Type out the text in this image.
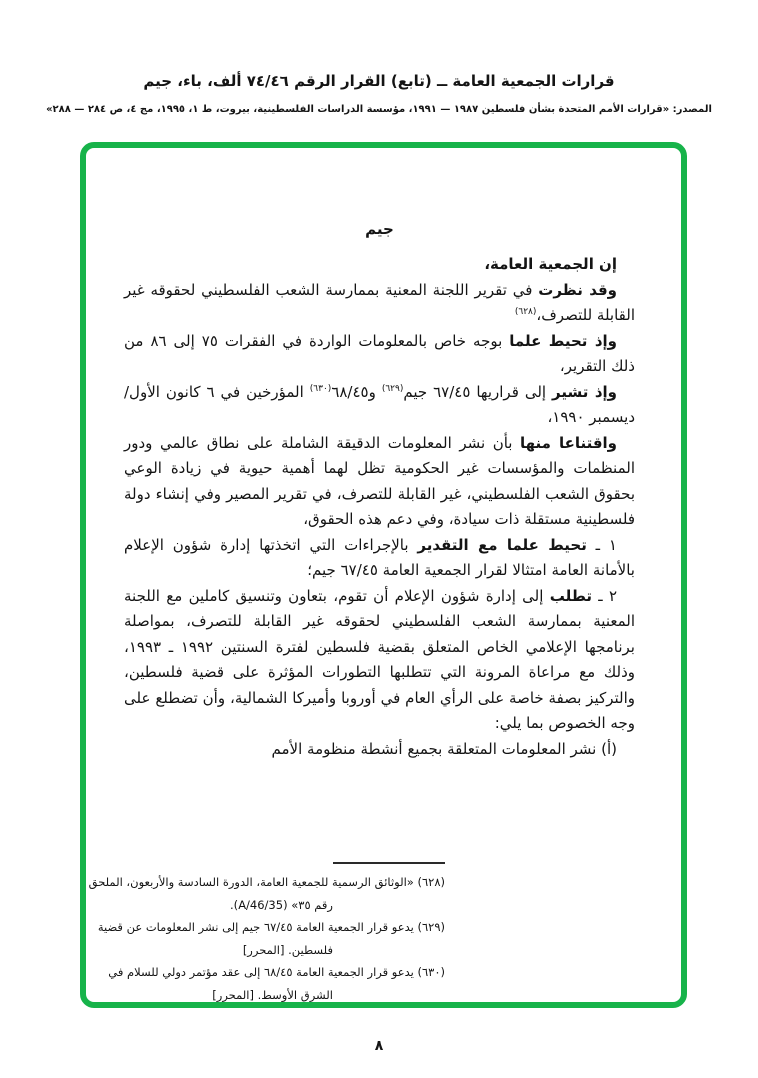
قرارات الجمعية العامة ــ (تابع) القرار الرقم ٧٤/٤٦ ألف، باء، جيم
المصدر: «قرارات الأمم المتحدة بشأن فلسطين ١٩٨٧ — ١٩٩١، مؤسسة الدراسات الفلسطينية، بيروت، ط ١، ١٩٩٥، مج ٤، ص ٢٨٤ — ٢٨٨»
جيم

إن الجمعية العامة،

وقد نظرت في تقرير اللجنة المعنية بممارسة الشعب الفلسطيني لحقوقه غير القابلة للتصرف،$^{(٦٢٨)}$

وإذ تحيط علما بوجه خاص بالمعلومات الواردة في الفقرات ٧٥ إلى ٨٦ من ذلك التقرير،

وإذ تشير إلى قراريها ٦٧/٤٥ جيم$^{(٦٢٩)}$ و٦٨/٤٥$^{(٦٣٠)}$ المؤرخين في ٦ كانون الأول/ديسمبر ١٩٩٠،

واقتناعا منها بأن نشر المعلومات الدقيقة الشاملة على نطاق عالمي ودور المنظمات والمؤسسات غير الحكومية تظل لهما أهمية حيوية في زيادة الوعي بحقوق الشعب الفلسطيني، غير القابلة للتصرف، في تقرير المصير وفي إنشاء دولة فلسطينية مستقلة ذات سيادة، وفي دعم هذه الحقوق،

١ ـ تحيط علما مع التقدير بالإجراءات التي اتخذتها إدارة شؤون الإعلام بالأمانة العامة امتثالا لقرار الجمعية العامة ٦٧/٤٥ جيم؛

٢ ـ تطلب إلى إدارة شؤون الإعلام أن تقوم، بتعاون وتنسيق كاملين مع اللجنة المعنية بممارسة الشعب الفلسطيني لحقوقه غير القابلة للتصرف، بمواصلة برنامجها الإعلامي الخاص المتعلق بقضية فلسطين لفترة السنتين ١٩٩٢ ـ ١٩٩٣، وذلك مع مراعاة المرونة التي تتطلبها التطورات المؤثرة على قضية فلسطين، والتركيز بصفة خاصة على الرأي العام في أوروبا وأميركا الشمالية، وأن تضطلع على وجه الخصوص بما يلي:

(أ) نشر المعلومات المتعلقة بجميع أنشطة منظومة الأمم

(٦٢٨) «الوثائق الرسمية للجمعية العامة، الدورة السادسة والأربعون، الملحق
رقم ٣٥» (A/46/35).
(٦٢٩) يدعو قرار الجمعية العامة ٦٧/٤٥ جيم إلى نشر المعلومات عن قضية
فلسطين. [المحرر]
(٦٣٠) يدعو قرار الجمعية العامة ٦٨/٤٥ إلى عقد مؤتمر دولي للسلام في
الشرق الأوسط. [المحرر]
٨
